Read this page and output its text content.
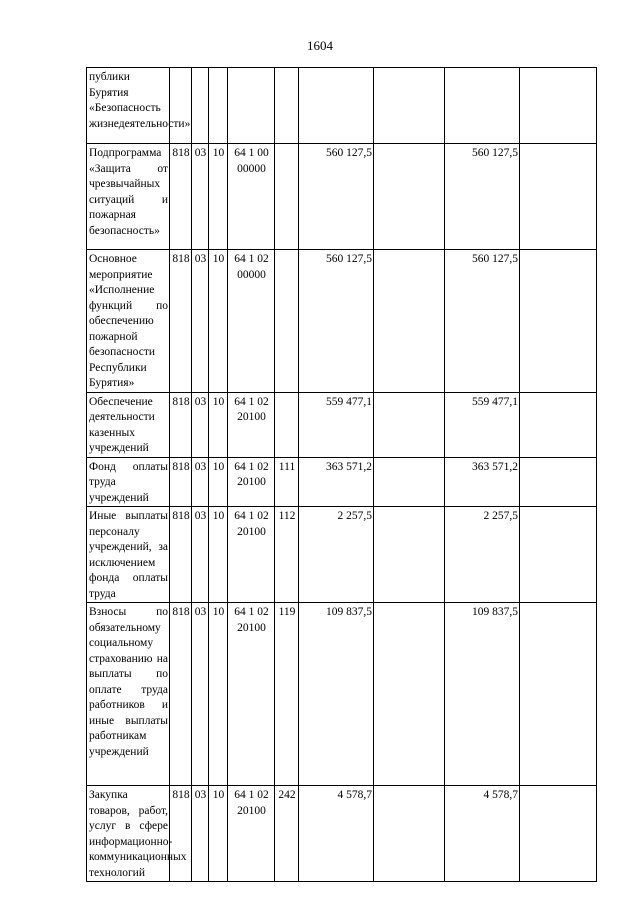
1604
публики Бурятия «Безопасность жизнедеятельности»									
Подпрограмма «Защита от чрезвычайных ситуаций и пожарная безопасность»	818	03	10	64 1 00 00000		560 127,5		560 127,5	
Основное мероприятие «Исполнение функций по обеспечению пожарной безопасности Республики Бурятия»	818	03	10	64 1 02 00000		560 127,5		560 127,5	
Обеспечение деятельности казенных учреждений	818	03	10	64 1 02 20100		559 477,1		559 477,1	
Фонд оплаты труда учреждений	818	03	10	64 1 02 20100	111	363 571,2		363 571,2	
Иные выплаты персоналу учреждений, за исключением фонда оплаты труда	818	03	10	64 1 02 20100	112	2 257,5		2 257,5	
Взносы по обязательному социальному страхованию на выплаты по оплате труда работников и иные выплаты работникам учреждений	818	03	10	64 1 02 20100	119	109 837,5		109 837,5	
Закупка товаров, работ, услуг в сфере информационно-коммуникационных технологий	818	03	10	64 1 02 20100	242	4 578,7		4 578,7	
